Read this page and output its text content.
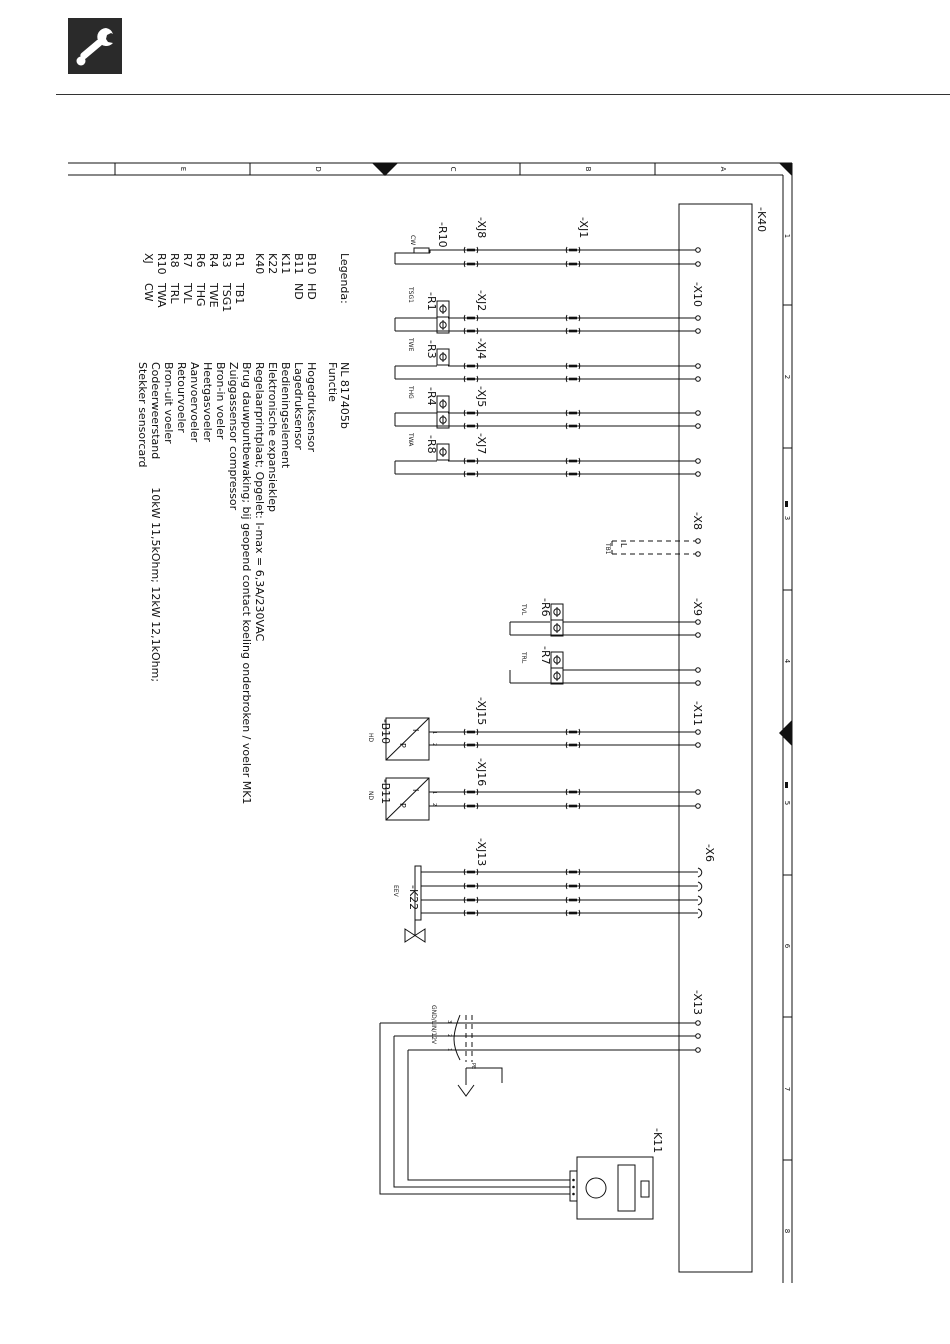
A
B
C
D
E
1
2
3
4
5
6
7
8
-K40
I
P
1
2
I
P
1
2
-XJ1
-XJ8
-X10
-XJ2
-XJ4
-XJ5
-XJ7
-X8
-X9
-X11
-XJ15
-XJ16
-XJ13	-X6
-X13
-R10
CW
-R1
TSG1
-R3
TWE
-R4
THG
-R8
TWA
-R6
TVL
-R7
TRL
L
TB1
-B10
HD
-B11
ND
-K22
EEV
-K11
3
2
1
GND/LIN/12V
PE
Legenda:
NL 817405b
Functie
B10
HD
Hogedruksensor
B11
ND
Lagedruksensor
K11
Bedieningselement
K22
Elektronische expansieklep
K40
Regelaarprintplaat; Opgelet: I-max = 6,3A/230VAC
R1
TB1
Brug dauwpuntbewaking; bij geopend contact koeling onderbroken / voeler MK1
R3
TSG1
Zuiggassensor compressor
R4
TWE
Bron-in voeler
R6
THG
Heetgasvoeler
R7
TVL
Aanvoervoeler
R8
TRL
Retourvoeler
R10
TWA
Bron-uit voeler
XJ
CW
Codeerweerstand        10kW 11,5kOhm; 12kW 12,1kOhm;
Stekker sensorcard
